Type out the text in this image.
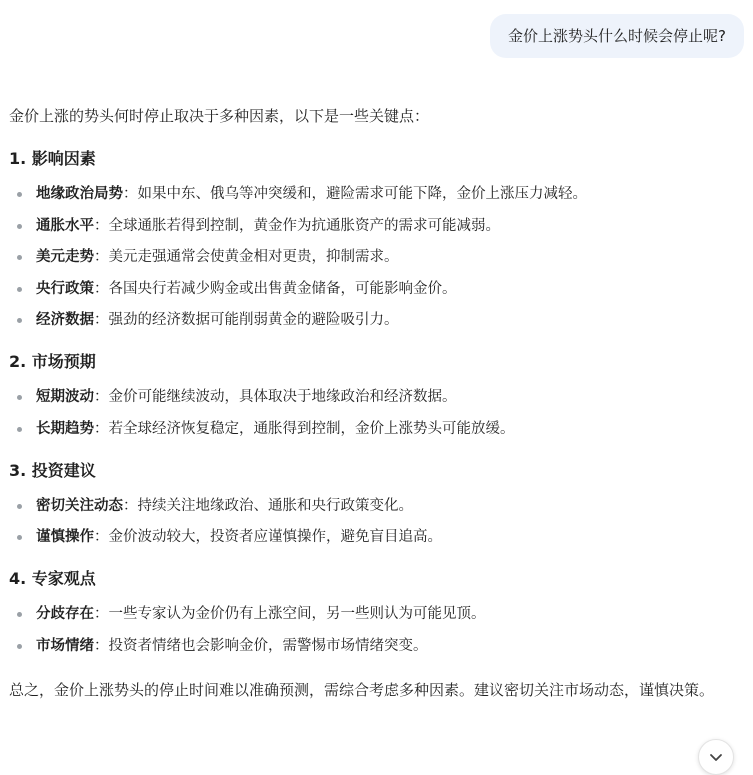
金价上涨势头什么时候会停止呢?

金价上涨的势头何时停止取决于多种因素，以下是一些关键点：

1. 影响因素
地缘政治局势：如果中东、俄乌等冲突缓和，避险需求可能下降，金价上涨压力减轻。
通胀水平：全球通胀若得到控制，黄金作为抗通胀资产的需求可能减弱。
美元走势：美元走强通常会使黄金相对更贵，抑制需求。
央行政策：各国央行若减少购金或出售黄金储备，可能影响金价。
经济数据：强劲的经济数据可能削弱黄金的避险吸引力。
2. 市场预期
短期波动：金价可能继续波动，具体取决于地缘政治和经济数据。
长期趋势：若全球经济恢复稳定，通胀得到控制，金价上涨势头可能放缓。
3. 投资建议
密切关注动态：持续关注地缘政治、通胀和央行政策变化。
谨慎操作：金价波动较大，投资者应谨慎操作，避免盲目追高。
4. 专家观点
分歧存在：一些专家认为金价仍有上涨空间，另一些则认为可能见顶。
市场情绪：投资者情绪也会影响金价，需警惕市场情绪突变。

总之，金价上涨势头的停止时间难以准确预测，需综合考虑多种因素。建议密切关注市场动态，谨慎决策。
